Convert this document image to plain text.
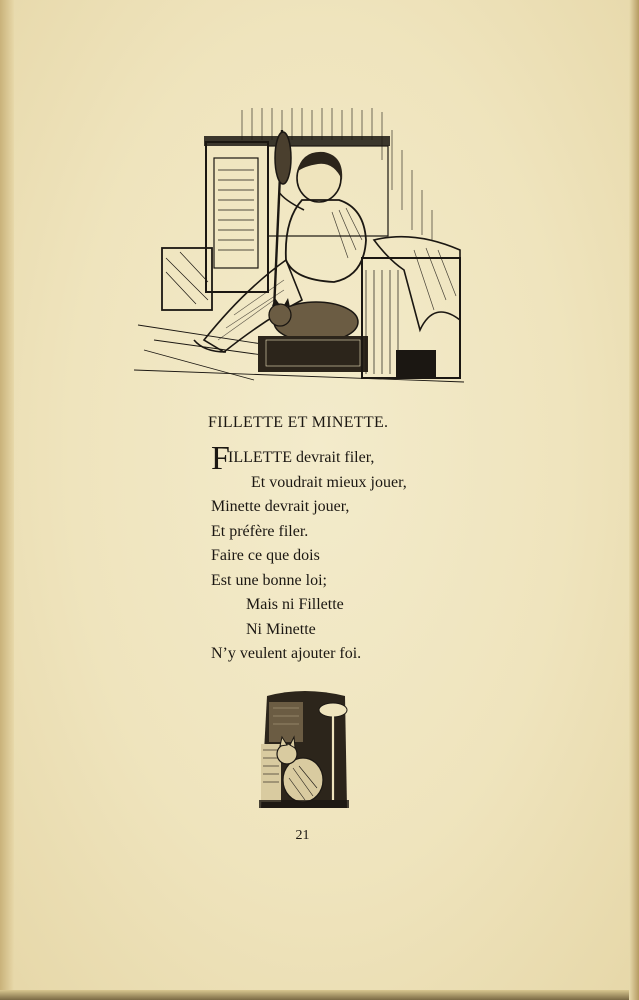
FILLETTE ET MINETTE.
F
ILLETTE devrait filer,
Et voudrait mieux jouer,
Minette devrait jouer,
Et préfère filer.
Faire ce que dois
Est une bonne loi;
Mais ni Fillette
Ni Minette
N’y veulent ajouter foi.
21
